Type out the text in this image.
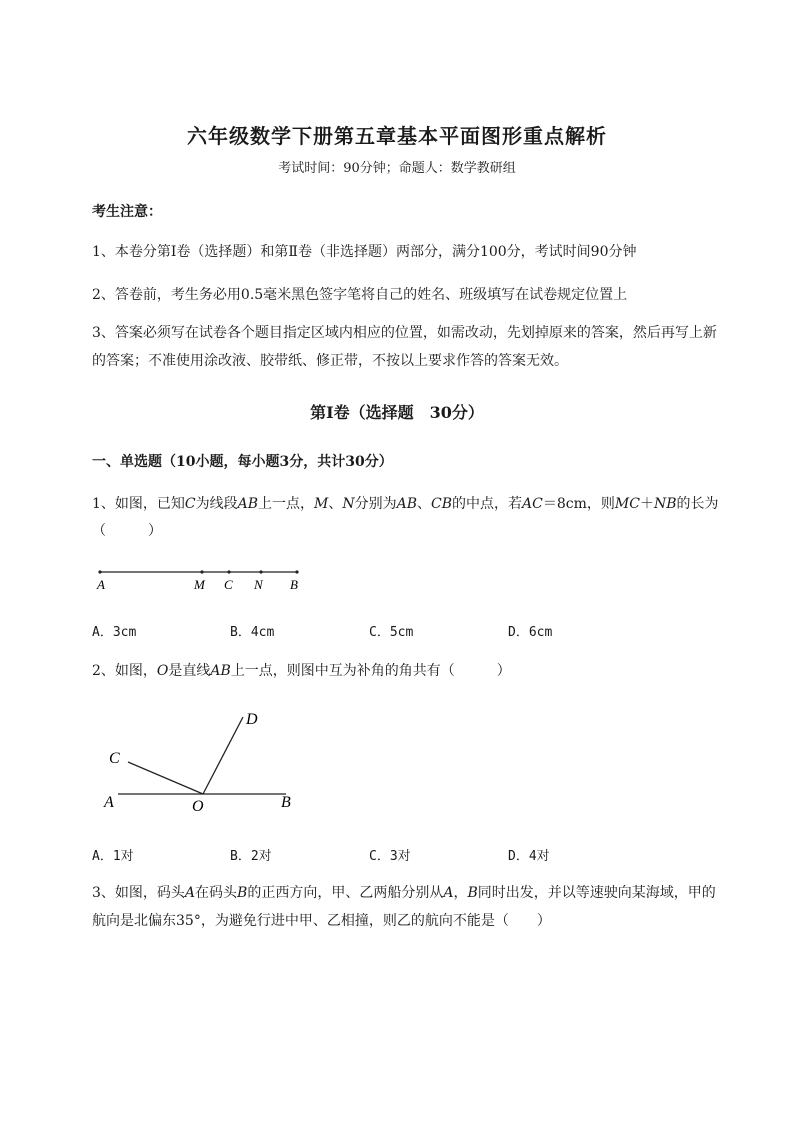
六年级数学下册第五章基本平面图形重点解析
考试时间：90分钟；命题人：数学教研组
考生注意：
1、本卷分第I卷（选择题）和第Ⅱ卷（非选择题）两部分，满分100分，考试时间90分钟
2、答卷前，考生务必用0.5毫米黑色签字笔将自己的姓名、班级填写在试卷规定位置上
3、答案必须写在试卷各个题目指定区域内相应的位置，如需改动，先划掉原来的答案，然后再写上新的答案；不准使用涂改液、胶带纸、修正带，不按以上要求作答的答案无效。
第I卷（选择题　30分）
一、单选题（10小题，每小题3分，共计30分）
1、如图，已知C为线段AB上一点，M、N分别为AB、CB的中点，若AC＝8cm，则MC＋NB的长为
（　　　）
A	M C N B
A．3cm	B．4cm	C．5cm	D．6cm
2、如图，O是直线AB上一点，则图中互为补角的角共有（　　　）
D
C
A	O	B
A．1对	B．2对	C．3对	D．4对
3、如图，码头A在码头B的正西方向，甲、乙两船分别从A，B同时出发，并以等速驶向某海域，甲的航向是北偏东35°，为避免行进中甲、乙相撞，则乙的航向不能是（　　）
